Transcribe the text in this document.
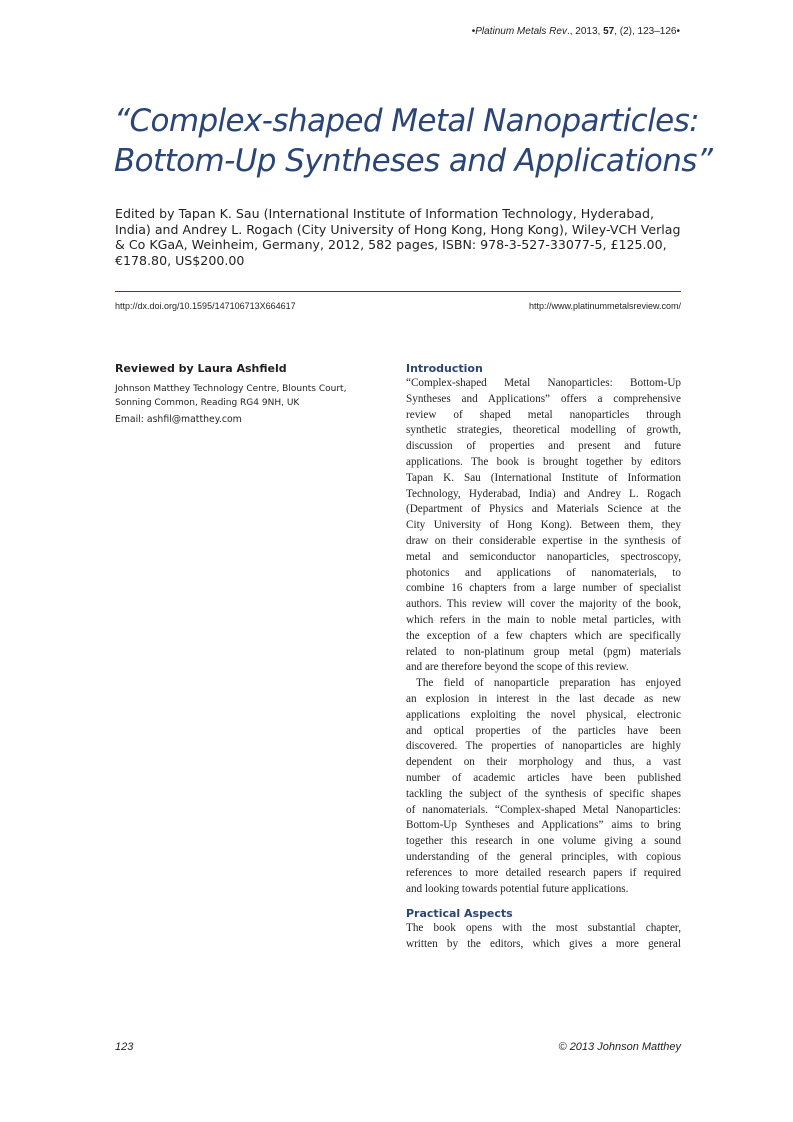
•Platinum Metals Rev., 2013, 57, (2), 123–126•
“Complex-shaped Metal Nanoparticles:
Bottom-Up Syntheses and Applications”
Edited by Tapan K. Sau (International Institute of Information Technology, Hyderabad,
India) and Andrey L. Rogach (City University of Hong Kong, Hong Kong), Wiley-VCH Verlag
& Co KGaA, Weinheim, Germany, 2012, 582 pages, ISBN: 978-3-527-33077-5, £125.00,
€178.80, US$200.00
http://dx.doi.org/10.1595/147106713X664617	http://www.platinummetalsreview.com/
Reviewed by Laura Ashfield
Johnson Matthey Technology Centre, Blounts Court,
Sonning Common, Reading RG4 9NH, UK
Email: ashfil@matthey.com
Introduction
“Complex-shaped Metal Nanoparticles: Bottom-Up
Syntheses and Applications” offers a comprehensive
review of shaped metal nanoparticles through
synthetic strategies, theoretical modelling of growth,
discussion of properties and present and future
applications. The book is brought together by editors
Tapan K. Sau (International Institute of Information
Technology, Hyderabad, India) and Andrey L. Rogach
(Department of Physics and Materials Science at the
City University of Hong Kong). Between them, they
draw on their considerable expertise in the synthesis of
metal and semiconductor nanoparticles, spectroscopy,
photonics and applications of nanomaterials, to
combine 16 chapters from a large number of specialist
authors. This review will cover the majority of the book,
which refers in the main to noble metal particles, with
the exception of a few chapters which are specifically
related to non-platinum group metal (pgm) materials
and are therefore beyond the scope of this review.
The field of nanoparticle preparation has enjoyed
an explosion in interest in the last decade as new
applications exploiting the novel physical, electronic
and optical properties of the particles have been
discovered. The properties of nanoparticles are highly
dependent on their morphology and thus, a vast
number of academic articles have been published
tackling the subject of the synthesis of specific shapes
of nanomaterials. “Complex-shaped Metal Nanoparticles:
Bottom-Up Syntheses and Applications” aims to bring
together this research in one volume giving a sound
understanding of the general principles, with copious
references to more detailed research papers if required
and looking towards potential future applications.
Practical Aspects
The book opens with the most substantial chapter,
written by the editors, which gives a more general
123	© 2013 Johnson Matthey
